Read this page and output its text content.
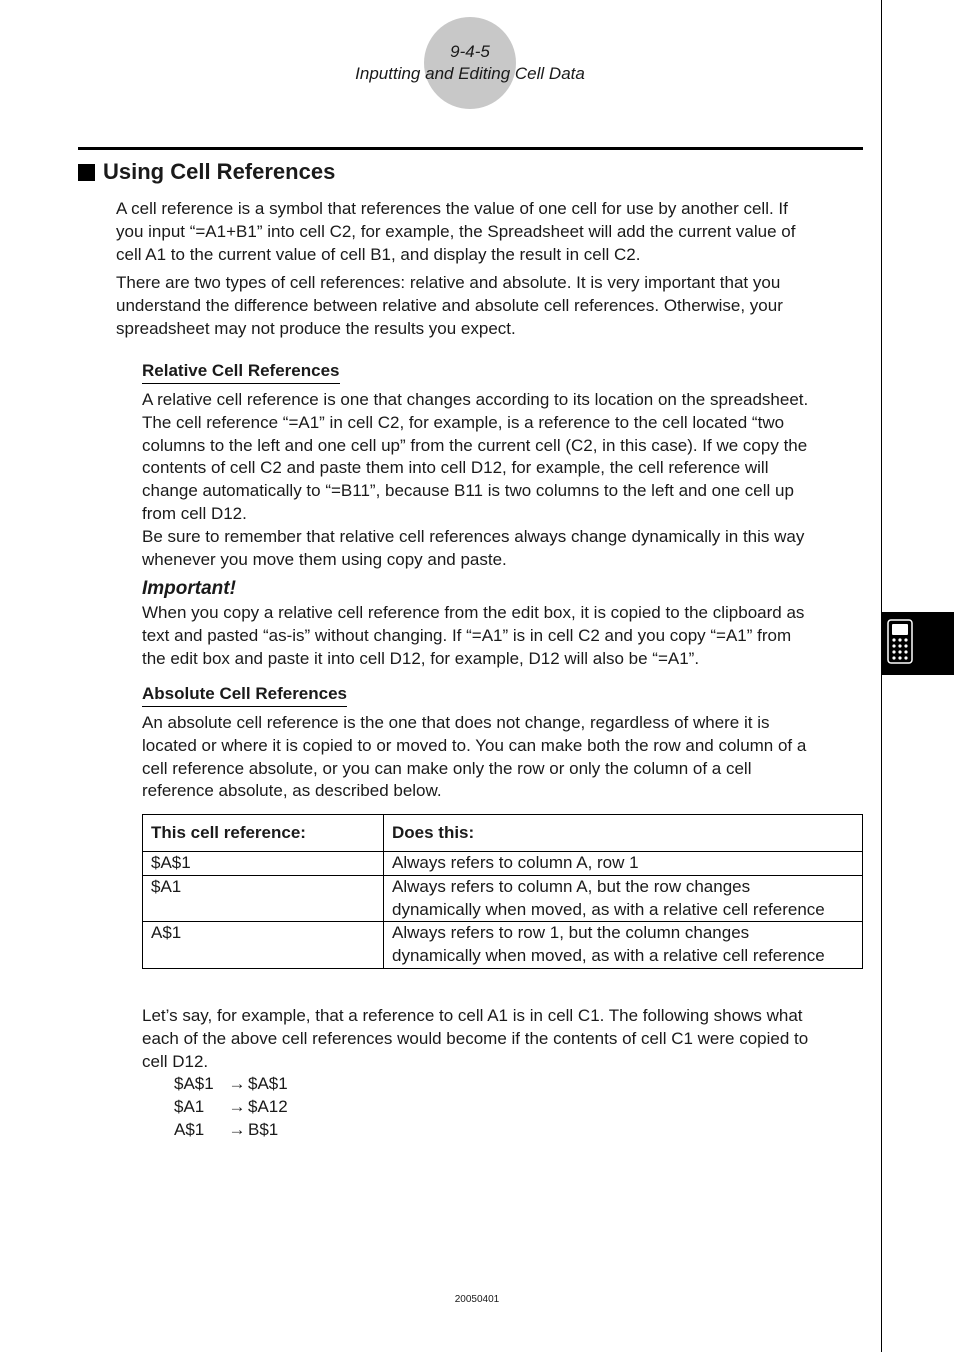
9-4-5
Inputting and Editing Cell Data
Using Cell References
A cell reference is a symbol that references the value of one cell for use by another cell. If
you input “=A1+B1” into cell C2, for example, the Spreadsheet will add the current value of
cell A1 to the current value of cell B1, and display the result in cell C2.
There are two types of cell references: relative and absolute. It is very important that you
understand the difference between relative and absolute cell references. Otherwise, your
spreadsheet may not produce the results you expect.
Relative Cell References
A relative cell reference is one that changes according to its location on the spreadsheet.
The cell reference “=A1” in cell C2, for example, is a reference to the cell located “two
columns to the left and one cell up” from the current cell (C2, in this case). If we copy the
contents of cell C2 and paste them into cell D12, for example, the cell reference will
change automatically to “=B11”, because B11 is two columns to the left and one cell up
from cell D12.
Be sure to remember that relative cell references always change dynamically in this way
whenever you move them using copy and paste.
Important!
When you copy a relative cell reference from the edit box, it is copied to the clipboard as
text and pasted “as-is” without changing. If “=A1” is in cell C2 and you copy “=A1” from
the edit box and paste it into cell D12, for example, D12 will also be “=A1”.
Absolute Cell References
An absolute cell reference is the one that does not change, regardless of where it is
located or where it is copied to or moved to. You can make both the row and column of a
cell reference absolute, or you can make only the row or only the column of a cell
reference absolute, as described below.
This cell reference:	Does this:
$A$1	Always refers to column A, row 1

$A1	Always refers to column A, but the row changes
dynamically when moved, as with a relative cell reference

A$1	Always refers to row 1, but the column changes
dynamically when moved, as with a relative cell reference
Let’s say, for example, that a reference to cell A1 is in cell C1. The following shows what
each of the above cell references would become if the contents of cell C1 were copied to
cell D12.
$A$1 → $A$1
$A1	→ $A12
A$1	→ B$1
20050401
